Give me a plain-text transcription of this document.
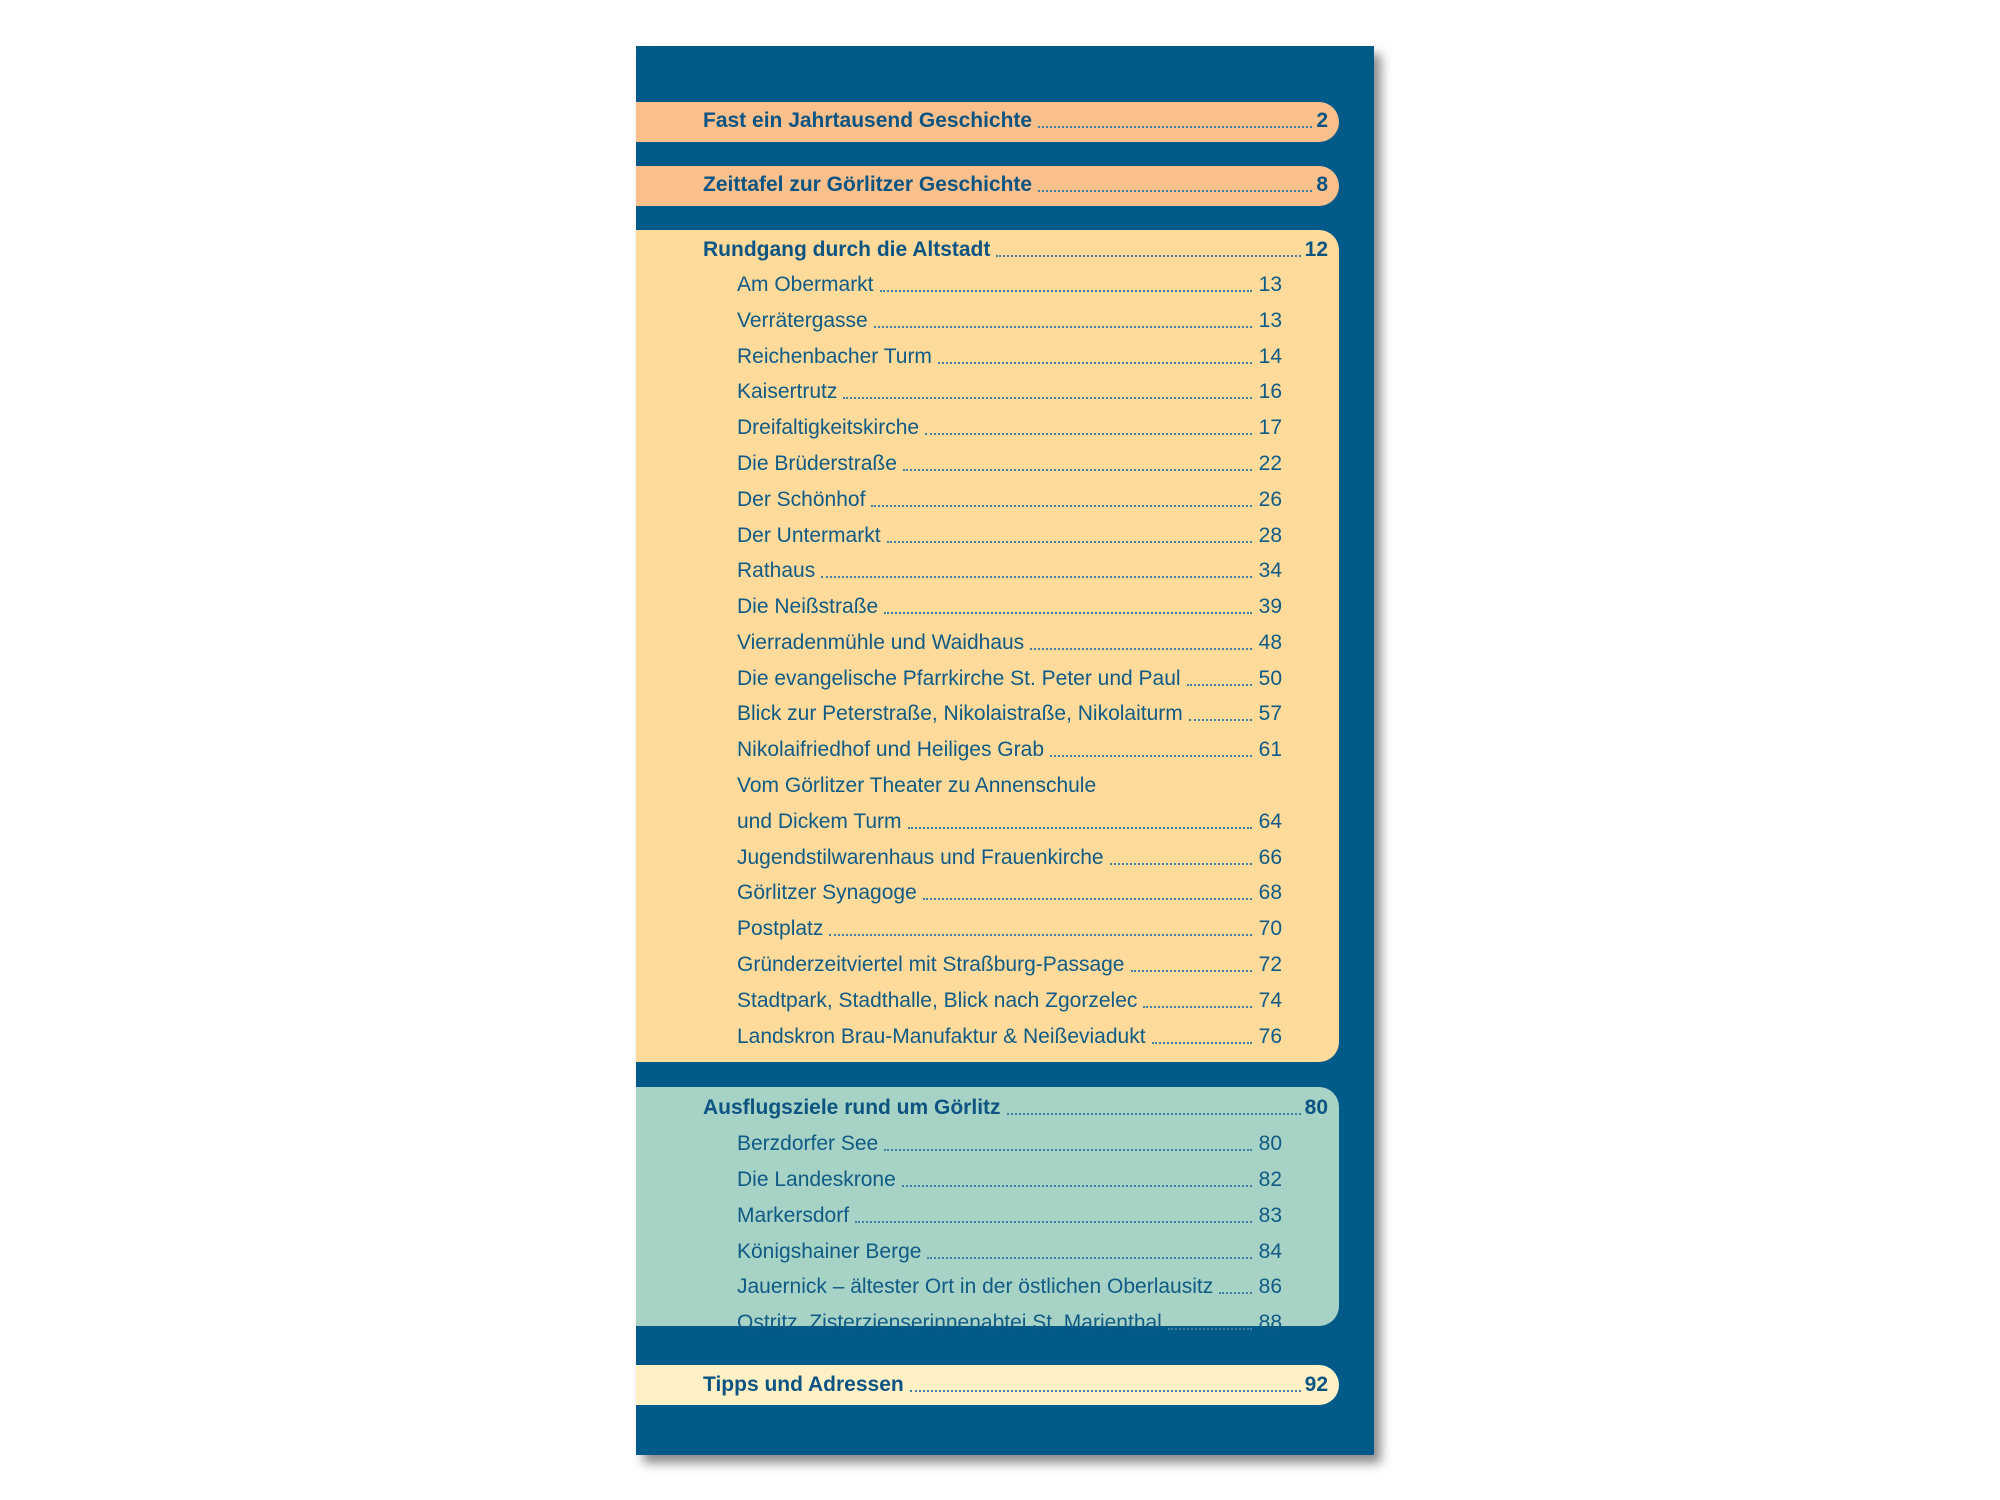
Fast ein Jahrtausend Geschichte	2
Zeittafel zur Görlitzer Geschichte	8
Rundgang durch die Altstadt	12
Am Obermarkt	13
Verrätergasse	13
Reichenbacher Turm	14
Kaisertrutz	16
Dreifaltigkeitskirche	17
Die Brüderstraße	22
Der Schönhof	26
Der Untermarkt	28
Rathaus	34
Die Neißstraße	39
Vierradenmühle und Waidhaus	48
Die evangelische Pfarrkirche St. Peter und Paul	50
Blick zur Peterstraße, Nikolaistraße, Nikolaiturm	57
Nikolaifriedhof und Heiliges Grab	61
Vom Görlitzer Theater zu Annenschule
und Dickem Turm	64
Jugendstilwarenhaus und Frauenkirche	66
Görlitzer Synagoge	68
Postplatz	70
Gründerzeitviertel mit Straßburg-Passage	72
Stadtpark, Stadthalle, Blick nach Zgorzelec	74
Landskron Brau-Manufaktur & Neißeviadukt	76
Ausflugsziele rund um Görlitz	80
Berzdorfer See	80
Die Landeskrone	82
Markersdorf	83
Königshainer Berge	84
Jauernick – ältester Ort in der östlichen Oberlausitz 86
Ostritz, Zisterzienserinnenabtei St. Marienthal	88
Tipps und Adressen	92
